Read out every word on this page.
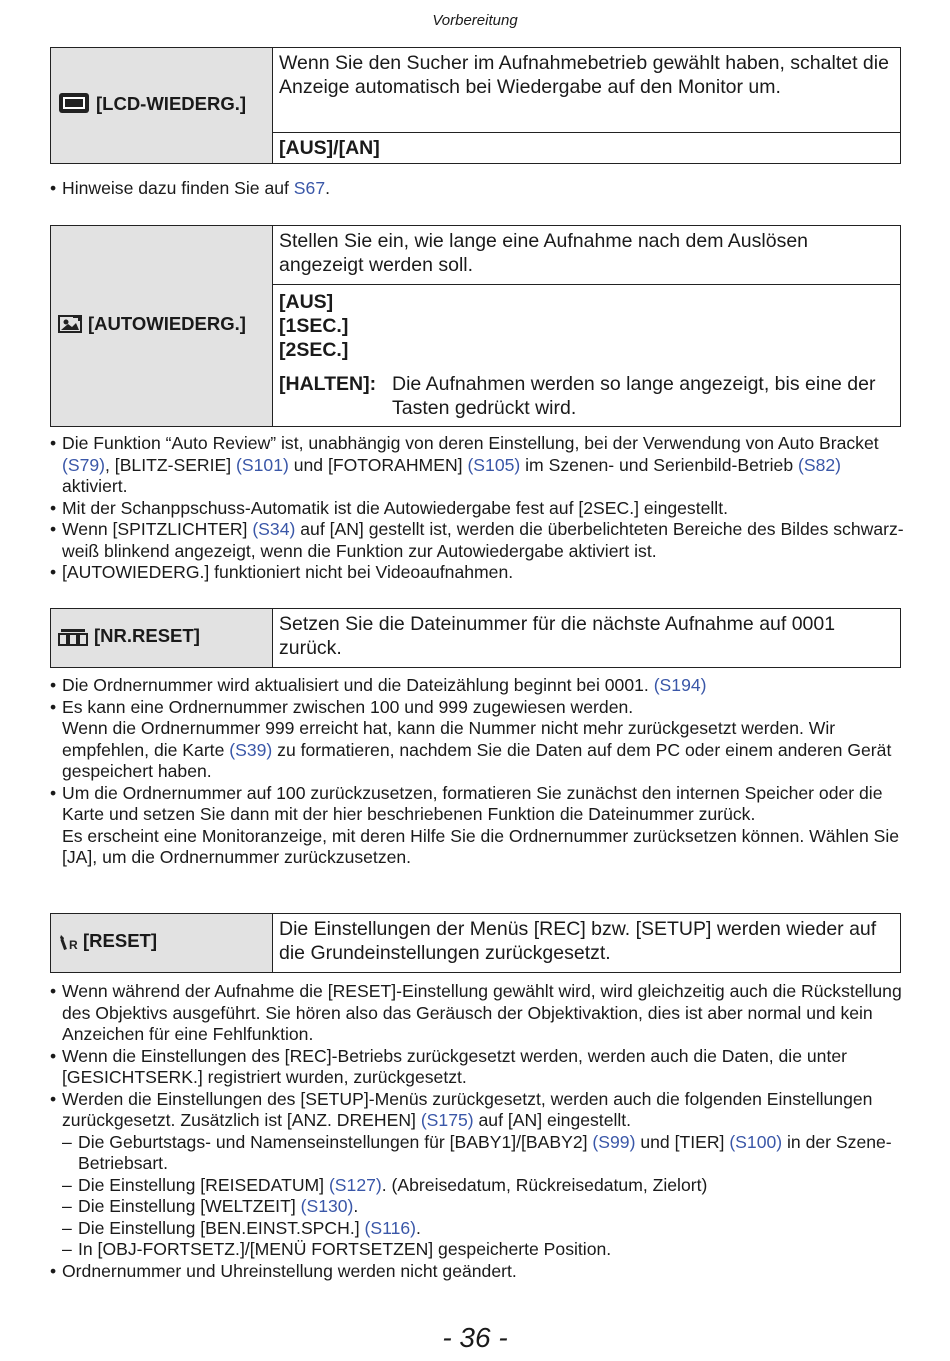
Vorbereitung
[LCD-WIEDERG.]	Wenn Sie den Sucher im Aufnahmebetrieb gewählt haben, schaltet die Anzeige automatisch bei Wiedergabe auf den Monitor um.
[AUS]/[AN]
• Hinweise dazu finden Sie auf S67.
[AUTOWIEDERG.]	Stellen Sie ein, wie lange eine Aufnahme nach dem Auslösen angezeigt werden soll.

[AUS]
[1SEC.]
[2SEC.]

[HALTEN]: Die Aufnahmen werden so lange angezeigt, bis eine der Tasten gedrückt wird.
• Die Funktion “Auto Review” ist, unabhängig von deren Einstellung, bei der Verwendung von Auto Bracket (S79), [BLITZ-SERIE] (S101) und [FOTORAHMEN] (S105) im Szenen- und Serienbild-Betrieb (S82) aktiviert.
• Mit der Schanppschuss-Automatik ist die Autowiedergabe fest auf [2SEC.] eingestellt.
• Wenn [SPITZLICHTER] (S34) auf [AN] gestellt ist, werden die überbelichteten Bereiche des Bildes schwarz-weiß blinkend angezeigt, wenn die Funktion zur Autowiedergabe aktiviert ist.
• [AUTOWIEDERG.] funktioniert nicht bei Videoaufnahmen.
[NR.RESET]	Setzen Sie die Dateinummer für die nächste Aufnahme auf 0001 zurück.
• Die Ordnernummer wird aktualisiert und die Dateizählung beginnt bei 0001. (S194)
• Es kann eine Ordnernummer zwischen 100 und 999 zugewiesen werden.
Wenn die Ordnernummer 999 erreicht hat, kann die Nummer nicht mehr zurückgesetzt werden. Wir empfehlen, die Karte (S39) zu formatieren, nachdem Sie die Daten auf dem PC oder einem anderen Gerät gespeichert haben.
• Um die Ordnernummer auf 100 zurückzusetzen, formatieren Sie zunächst den internen Speicher oder die Karte und setzen Sie dann mit der hier beschriebenen Funktion die Dateinummer zurück.
Es erscheint eine Monitoranzeige, mit deren Hilfe Sie die Ordnernummer zurücksetzen können. Wählen Sie [JA], um die Ordnernummer zurückzusetzen.
R [RESET]	Die Einstellungen der Menüs [REC] bzw. [SETUP] werden wieder auf die Grundeinstellungen zurückgesetzt.
• Wenn während der Aufnahme die [RESET]-Einstellung gewählt wird, wird gleichzeitig auch die Rückstellung des Objektivs ausgeführt. Sie hören also das Geräusch der Objektivaktion, dies ist aber normal und kein Anzeichen für eine Fehlfunktion.
• Wenn die Einstellungen des [REC]-Betriebs zurückgesetzt werden, werden auch die Daten, die unter [GESICHTSERK.] registriert wurden, zurückgesetzt.
• Werden die Einstellungen des [SETUP]-Menüs zurückgesetzt, werden auch die folgenden Einstellungen zurückgesetzt. Zusätzlich ist [ANZ. DREHEN] (S175) auf [AN] eingestellt.
– Die Geburtstags- und Namenseinstellungen für [BABY1]/[BABY2] (S99) und [TIER] (S100) in der Szene-Betriebsart.
– Die Einstellung [REISEDATUM] (S127). (Abreisedatum, Rückreisedatum, Zielort)
– Die Einstellung [WELTZEIT] (S130).
– Die Einstellung [BEN.EINST.SPCH.] (S116).
– In [OBJ-FORTSETZ.]/[MENÜ FORTSETZEN] gespeicherte Position.
• Ordnernummer und Uhreinstellung werden nicht geändert.
- 36 -
